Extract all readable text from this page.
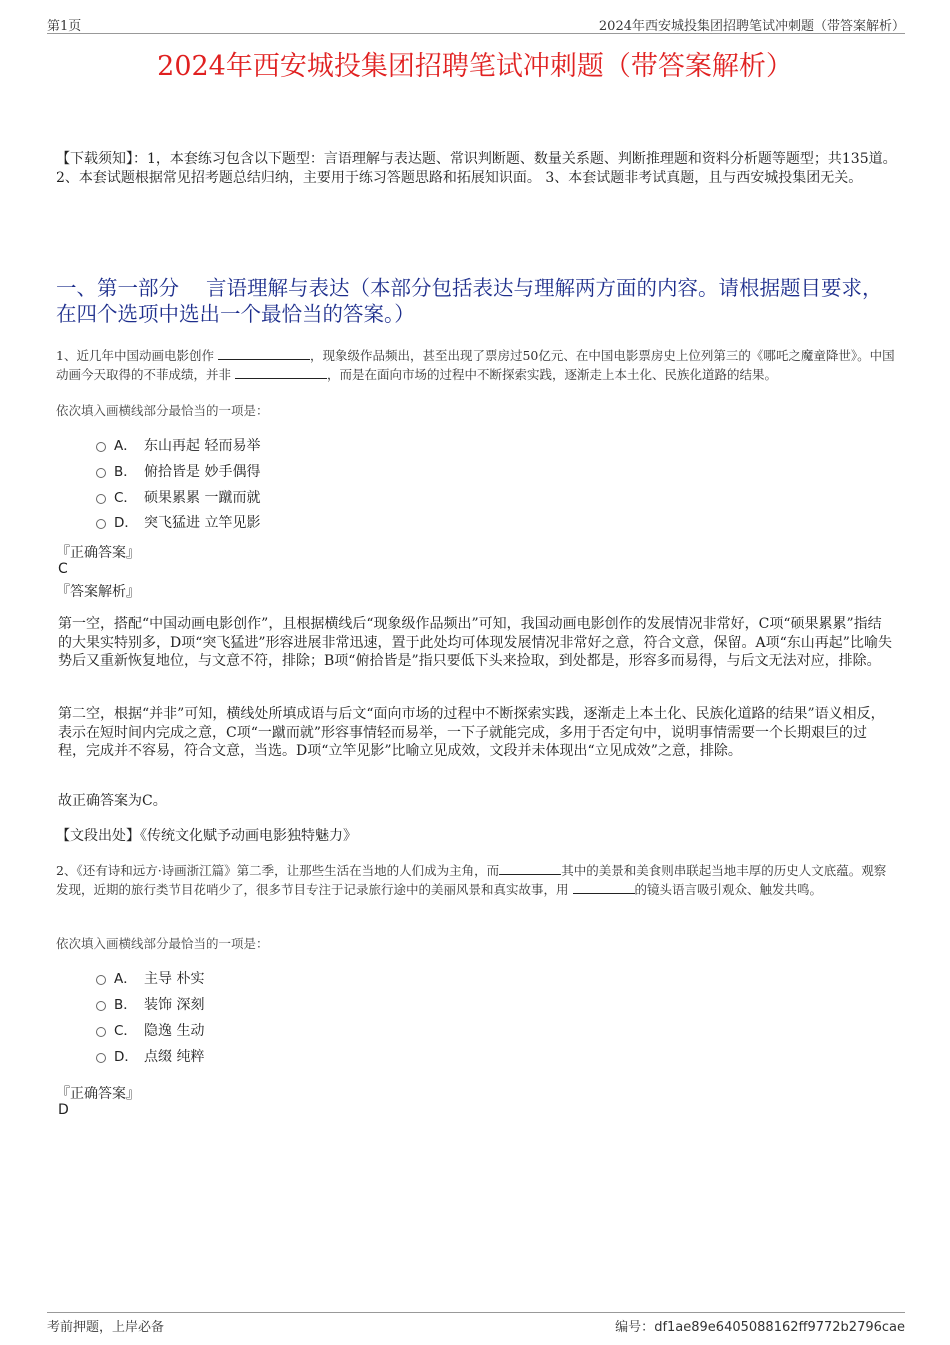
第1页	2024年西安城投集团招聘笔试冲刺题（带答案解析）
2024年西安城投集团招聘笔试冲刺题（带答案解析）
【下载须知】：1，本套练习包含以下题型：言语理解与表达题、常识判断题、数量关系题、判断推理题和资料分析题等题型；共135道。 2、本套试题根据常见招考题总结归纳，主要用于练习答题思路和拓展知识面。 3、本套试题非考试真题，且与西安城投集团无关。
一、第一部分　 言语理解与表达（本部分包括表达与理解两方面的内容。请根据题目要求，在四个选项中选出一个最恰当的答案。）
1、近几年中国动画电影创作	，现象级作品频出，甚至出现了票房过50亿元、在中国电影票房史上位列第三的《哪吒之魔童降世》。中国动画今天取得的不菲成绩，并非	，而是在面向市场的过程中不断探索实践，逐渐走上本土化、民族化道路的结果。
依次填入画横线部分最恰当的一项是：
A． 东山再起 轻而易举
B． 俯拾皆是 妙手偶得
C． 硕果累累 一蹴而就
D． 突飞猛进 立竿见影
『正确答案』
C
『答案解析』
第一空，搭配“中国动画电影创作”，且根据横线后“现象级作品频出”可知，我国动画电影创作的发展情况非常好，C项“硕果累累”指结的大果实特别多，D项“突飞猛进”形容进展非常迅速，置于此处均可体现发展情况非常好之意，符合文意，保留。A项“东山再起”比喻失势后又重新恢复地位，与文意不符，排除；B项“俯拾皆是”指只要低下头来捡取，到处都是，形容多而易得，与后文无法对应，排除。
第二空，根据“并非”可知，横线处所填成语与后文“面向市场的过程中不断探索实践，逐渐走上本土化、民族化道路的结果”语义相反，表示在短时间内完成之意，C项“一蹴而就”形容事情轻而易举，一下子就能完成，多用于否定句中，说明事情需要一个长期艰巨的过程，完成并不容易，符合文意，当选。D项“立竿见影”比喻立见成效，文段并未体现出“立见成效”之意，排除。
故正确答案为C。
【文段出处】《传统文化赋予动画电影独特魅力》
2、《还有诗和远方·诗画浙江篇》第二季，让那些生活在当地的人们成为主角，而	其中的美景和美食则串联起当地丰厚的历史人文底蕴。观察发现，近期的旅行类节目花哨少了，很多节目专注于记录旅行途中的美丽风景和真实故事，用	的镜头语言吸引观众、触发共鸣。
依次填入画横线部分最恰当的一项是：
A． 主导 朴实
B． 装饰 深刻
C． 隐逸 生动
D． 点缀 纯粹
『正确答案』
D
考前押题，上岸必备	编号：df1ae89e6405088162ff9772b2796cae
